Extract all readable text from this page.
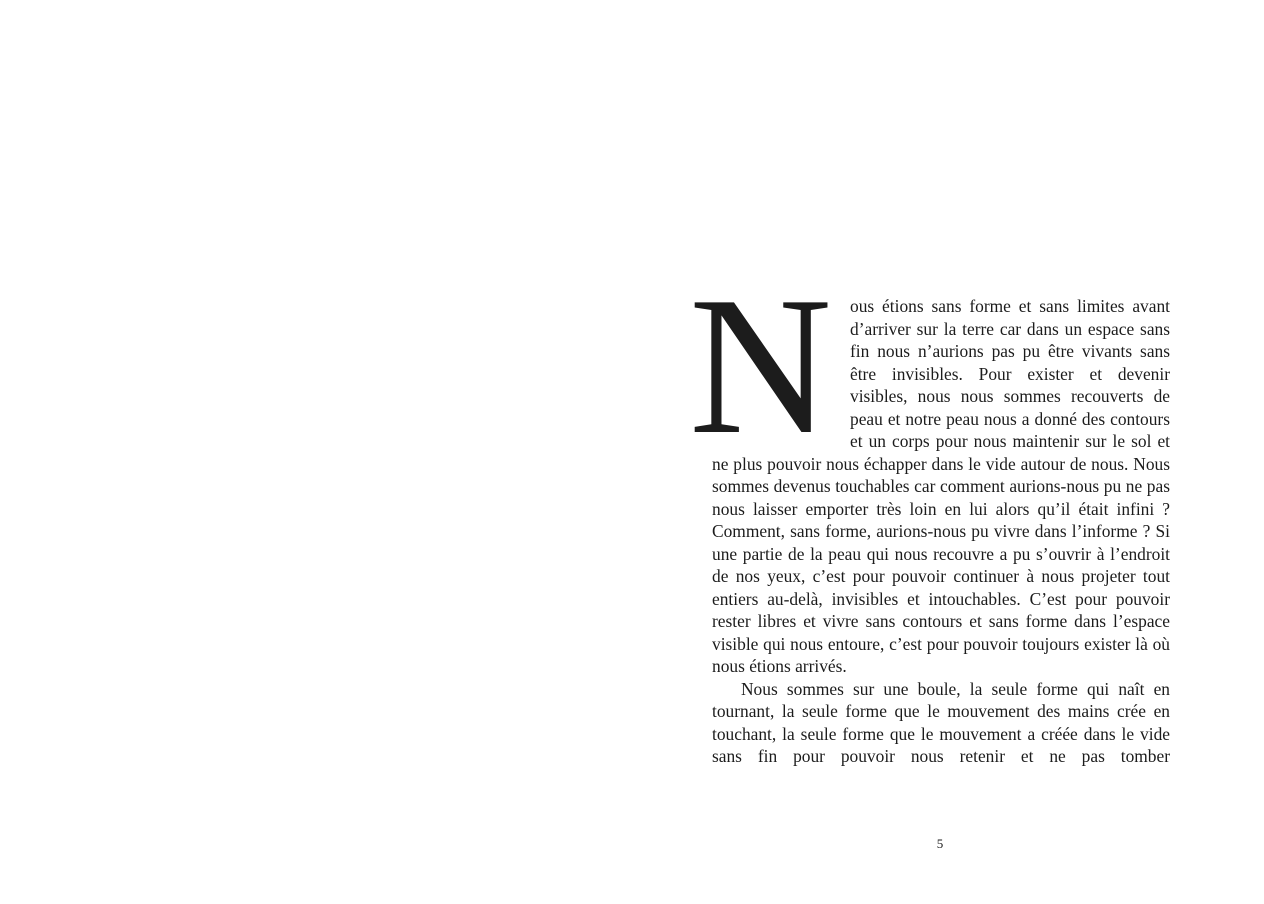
N ous étions sans forme et sans limites avant d’arriver sur la terre car dans un espace sans fin nous n’aurions pas pu être vivants sans être invisibles. Pour exister et devenir visibles, nous nous sommes recouverts de peau et notre peau nous a donné des contours et un corps pour nous maintenir sur le sol et ne plus pouvoir nous échapper dans le vide autour de nous. Nous sommes devenus touchables car comment aurions-nous pu ne pas nous laisser emporter très loin en lui alors qu’il était infini ? Comment, sans forme, aurions-nous pu vivre dans l’informe ? Si une partie de la peau qui nous recouvre a pu s’ouvrir à l’endroit de nos yeux, c’est pour pouvoir continuer à nous projeter tout entiers au-delà, invisibles et intouchables. C’est pour pouvoir rester libres et vivre sans contours et sans forme dans l’espace visible qui nous entoure, c’est pour pouvoir toujours exister là où nous étions arrivés.

Nous sommes sur une boule, la seule forme qui naît en tournant, la seule forme que le mouvement des mains crée en touchant, la seule forme que le mouvement a créée dans le vide sans fin pour pouvoir nous retenir et ne pas tomber

5
